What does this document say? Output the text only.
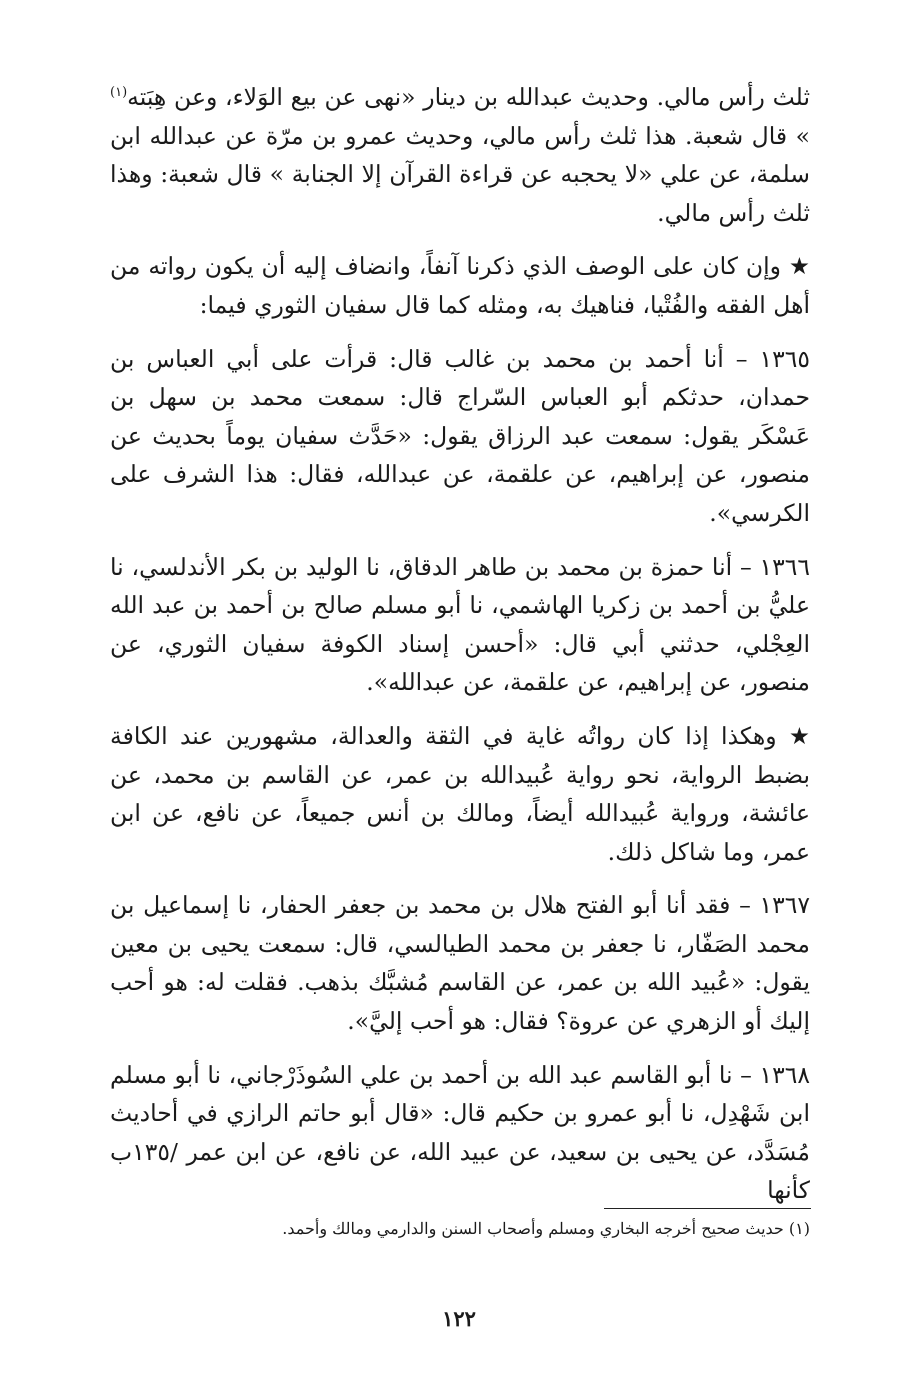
ثلث رأس مالي. وحديث عبدالله بن دينار «نهى عن بيع الوَلاء، وعن هِبَته$^{(١)}$ » قال شعبة. هذا ثلث رأس مالي، وحديث عمرو بن مرّة عن عبدالله ابن سلمة، عن علي «لا يحجبه عن قراءة القرآن إلا الجنابة » قال شعبة: وهذا ثلث رأس مالي.

★ وإن كان على الوصف الذي ذكرنا آنفاً، وانضاف إليه أن يكون رواته من أهل الفقه والفُتْيا، فناهيك به، ومثله كما قال سفيان الثوري فيما:

١٣٦٥ – أنا أحمد بن محمد بن غالب قال: قرأت على أبي العباس بن حمدان، حدثكم أبو العباس السّراج قال: سمعت محمد بن سهل بن عَسْكَر يقول: سمعت عبد الرزاق يقول: «حَدَّث سفيان يوماً بحديث عن منصور، عن إبراهيم، عن علقمة، عن عبدالله، فقال: هذا الشرف على الكرسي».

١٣٦٦ – أنا حمزة بن محمد بن طاهر الدقاق، نا الوليد بن بكر الأندلسي، نا عليُّ بن أحمد بن زكريا الهاشمي، نا أبو مسلم صالح بن أحمد بن عبد الله العِجْلي، حدثني أبي قال: «أحسن إسناد الكوفة سفيان الثوري، عن منصور، عن إبراهيم، عن علقمة، عن عبدالله».

★ وهكذا إذا كان رواتُه غاية في الثقة والعدالة، مشهورين عند الكافة بضبط الرواية، نحو رواية عُبيدالله بن عمر، عن القاسم بن محمد، عن عائشة، ورواية عُبيدالله أيضاً، ومالك بن أنس جميعاً، عن نافع، عن ابن عمر، وما شاكل ذلك.

١٣٦٧ – فقد أنا أبو الفتح هلال بن محمد بن جعفر الحفار، نا إسماعيل بن محمد الصَفّار، نا جعفر بن محمد الطيالسي، قال: سمعت يحيى بن معين يقول: «عُبيد الله بن عمر، عن القاسم مُشبَّك بذهب. فقلت له: هو أحب إليك أو الزهري عن عروة؟ فقال: هو أحب إليَّ».

١٣٦٨ – نا أبو القاسم عبد الله بن أحمد بن علي السُوذَرْجاني، نا أبو مسلم ابن شَهْدِل، نا أبو عمرو بن حكيم قال: «قال أبو حاتم الرازي في أحاديث مُسَدَّد، عن يحيى بن سعيد، عن عبيد الله، عن نافع، عن ابن عمر /١٣٥ب كأنها

(١) حديث صحيح أخرجه البخاري ومسلم وأصحاب السنن والدارمي ومالك وأحمد.
١٢٢
